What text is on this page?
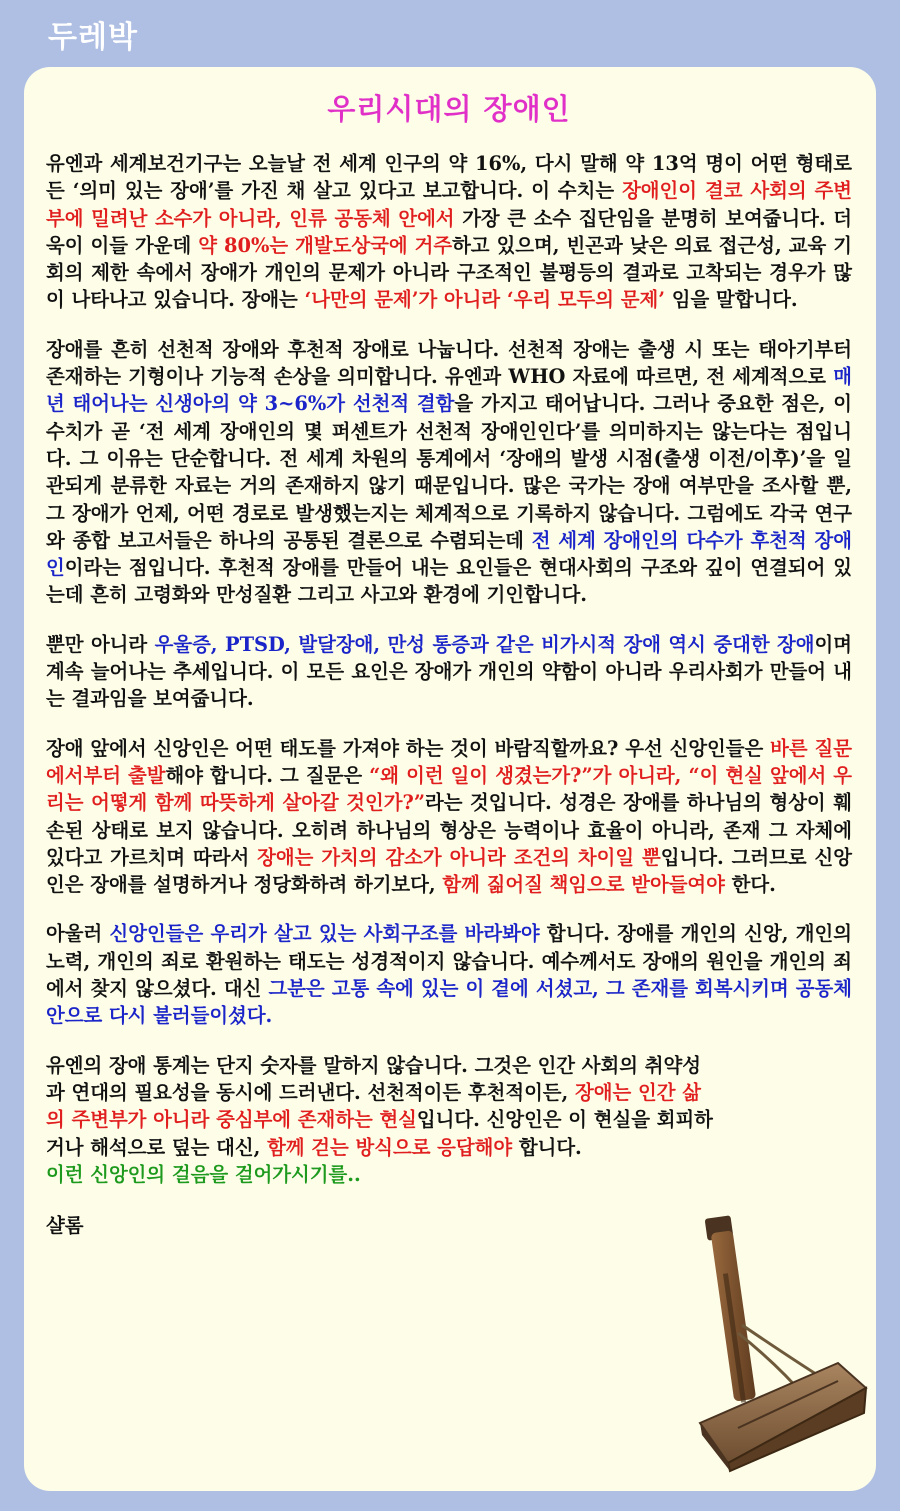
두레박
우리시대의 장애인

유엔과 세계보건기구는 오늘날 전 세계 인구의 약 16%, 다시 말해 약 13억 명이 어떤 형태로든 ‘의미 있는 장애’를 가진 채 살고 있다고 보고합니다. 이 수치는 장애인이 결코 사회의 주변부에 밀려난 소수가 아니라, 인류 공동체 안에서 가장 큰 소수 집단임을 분명히 보여줍니다. 더욱이 이들 가운데 약 80%는 개발도상국에 거주하고 있으며, 빈곤과 낮은 의료 접근성, 교육 기회의 제한 속에서 장애가 개인의 문제가 아니라 구조적인 불평등의 결과로 고착되는 경우가 많이 나타나고 있습니다. 장애는 ‘나만의 문제’가 아니라 ‘우리 모두의 문제’ 임을 말합니다.

장애를 흔히 선천적 장애와 후천적 장애로 나눕니다. 선천적 장애는 출생 시 또는 태아기부터 존재하는 기형이나 기능적 손상을 의미합니다. 유엔과 WHO 자료에 따르면, 전 세계적으로 매년 태어나는 신생아의 약 3~6%가 선천적 결함을 가지고 태어납니다. 그러나 중요한 점은, 이 수치가 곧 ‘전 세계 장애인의 몇 퍼센트가 선천적 장애인인다’를 의미하지는 않는다는 점입니다. 그 이유는 단순합니다. 전 세계 차원의 통계에서 ‘장애의 발생 시점(출생 이전/이후)’을 일관되게 분류한 자료는 거의 존재하지 않기 때문입니다. 많은 국가는 장애 여부만을 조사할 뿐, 그 장애가 언제, 어떤 경로로 발생했는지는 체계적으로 기록하지 않습니다. 그럼에도 각국 연구와 종합 보고서들은 하나의 공통된 결론으로 수렴되는데 전 세계 장애인의 다수가 후천적 장애인이라는 점입니다. 후천적 장애를 만들어 내는 요인들은 현대사회의 구조와 깊이 연결되어 있는데 흔히 고령화와 만성질환 그리고 사고와 환경에 기인합니다.

뿐만 아니라 우울증, PTSD, 발달장애, 만성 통증과 같은 비가시적 장애 역시 중대한 장애이며 계속 늘어나는 추세입니다. 이 모든 요인은 장애가 개인의 약함이 아니라 우리사회가 만들어 내는 결과임을 보여줍니다.

장애 앞에서 신앙인은 어떤 태도를 가져야 하는 것이 바람직할까요? 우선 신앙인들은 바른 질문에서부터 출발해야 합니다. 그 질문은 “왜 이런 일이 생겼는가?”가 아니라, “이 현실 앞에서 우리는 어떻게 함께 따뜻하게 살아갈 것인가?”라는 것입니다. 성경은 장애를 하나님의 형상이 훼손된 상태로 보지 않습니다. 오히려 하나님의 형상은 능력이나 효율이 아니라, 존재 그 자체에 있다고 가르치며 따라서 장애는 가치의 감소가 아니라 조건의 차이일 뿐입니다. 그러므로 신앙인은 장애를 설명하거나 정당화하려 하기보다, 함께 짊어질 책임으로 받아들여야 한다.

아울러 신앙인들은 우리가 살고 있는 사회구조를 바라봐야 합니다. 장애를 개인의 신앙, 개인의 노력, 개인의 죄로 환원하는 태도는 성경적이지 않습니다. 예수께서도 장애의 원인을 개인의 죄에서 찾지 않으셨다. 대신 그분은 고통 속에 있는 이 곁에 서셨고, 그 존재를 회복시키며 공동체 안으로 다시 불러들이셨다.

유엔의 장애 통계는 단지 숫자를 말하지 않습니다. 그것은 인간 사회의 취약성과 연대의 필요성을 동시에 드러낸다. 선천적이든 후천적이든, 장애는 인간 삶의 주변부가 아니라 중심부에 존재하는 현실입니다. 신앙인은 이 현실을 회피하거나 해석으로 덮는 대신, 함께 걷는 방식으로 응답해야 합니다.
이런 신앙인의 걸음을 걸어가시기를..

샬롬
